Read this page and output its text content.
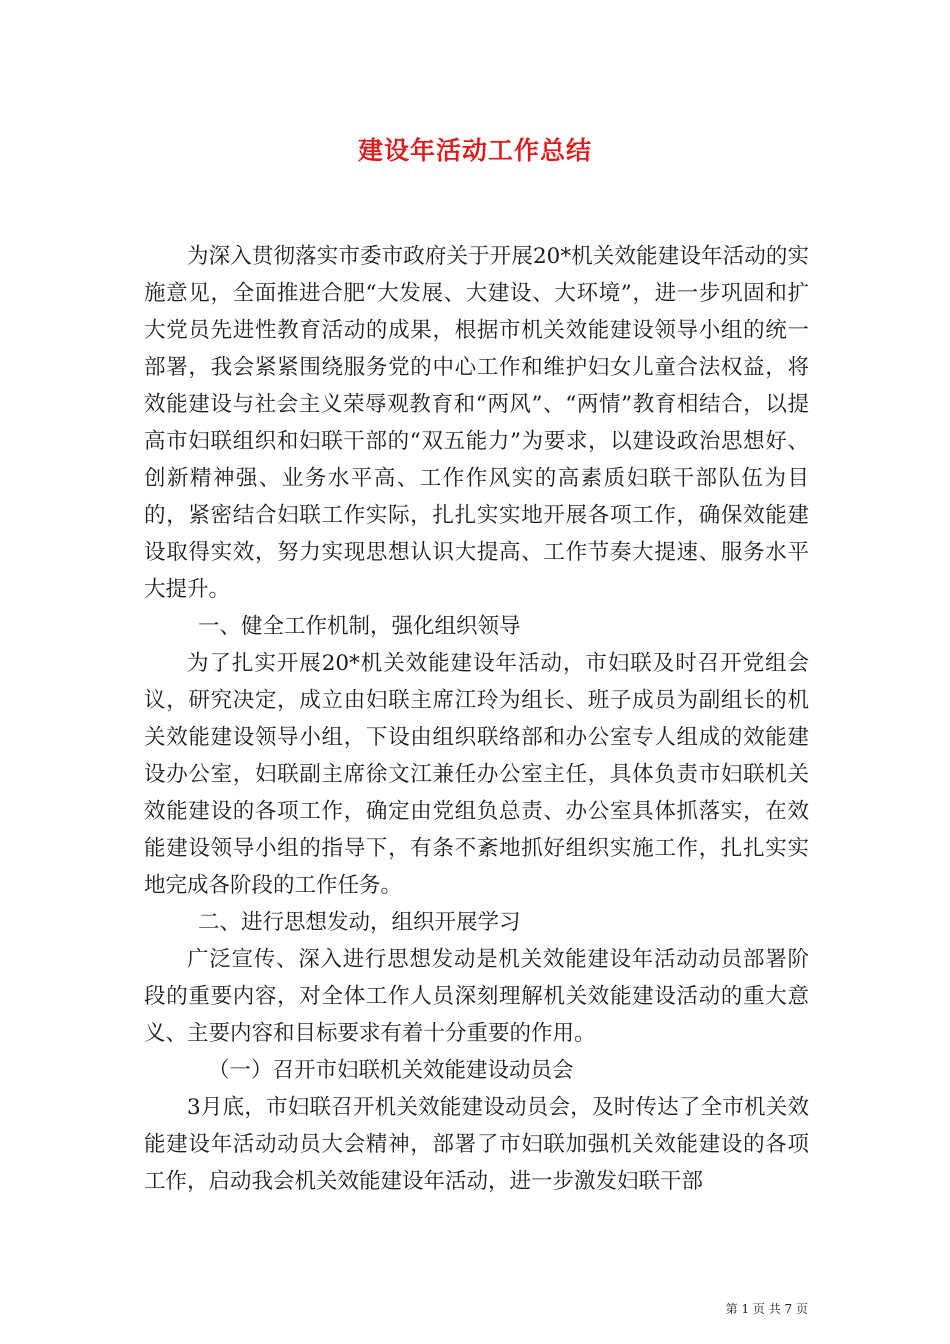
建设年活动工作总结

为深入贯彻落实市委市政府关于开展20*机关效能建设年活动的实施意见，全面推进合肥“大发展、大建设、大环境”，进一步巩固和扩大党员先进性教育活动的成果，根据市机关效能建设领导小组的统一部署，我会紧紧围绕服务党的中心工作和维护妇女儿童合法权益，将效能建设与社会主义荣辱观教育和“两风”、“两情”教育相结合，以提高市妇联组织和妇联干部的“双五能力”为要求，以建设政治思想好、创新精神强、业务水平高、工作作风实的高素质妇联干部队伍为目的，紧密结合妇联工作实际，扎扎实实地开展各项工作，确保效能建设取得实效，努力实现思想认识大提高、工作节奏大提速、服务水平大提升。

一、健全工作机制，强化组织领导

为了扎实开展20*机关效能建设年活动，市妇联及时召开党组会议，研究决定，成立由妇联主席江玲为组长、班子成员为副组长的机关效能建设领导小组，下设由组织联络部和办公室专人组成的效能建设办公室，妇联副主席徐文江兼任办公室主任，具体负责市妇联机关效能建设的各项工作，确定由党组负总责、办公室具体抓落实，在效能建设领导小组的指导下，有条不紊地抓好组织实施工作，扎扎实实地完成各阶段的工作任务。

二、进行思想发动，组织开展学习

广泛宣传、深入进行思想发动是机关效能建设年活动动员部署阶段的重要内容，对全体工作人员深刻理解机关效能建设活动的重大意义、主要内容和目标要求有着十分重要的作用。

（一）召开市妇联机关效能建设动员会

3月底，市妇联召开机关效能建设动员会，及时传达了全市机关效能建设年活动动员大会精神，部署了市妇联加强机关效能建设的各项工作，启动我会机关效能建设年活动，进一步激发妇联干部

第 1 页 共 7 页
